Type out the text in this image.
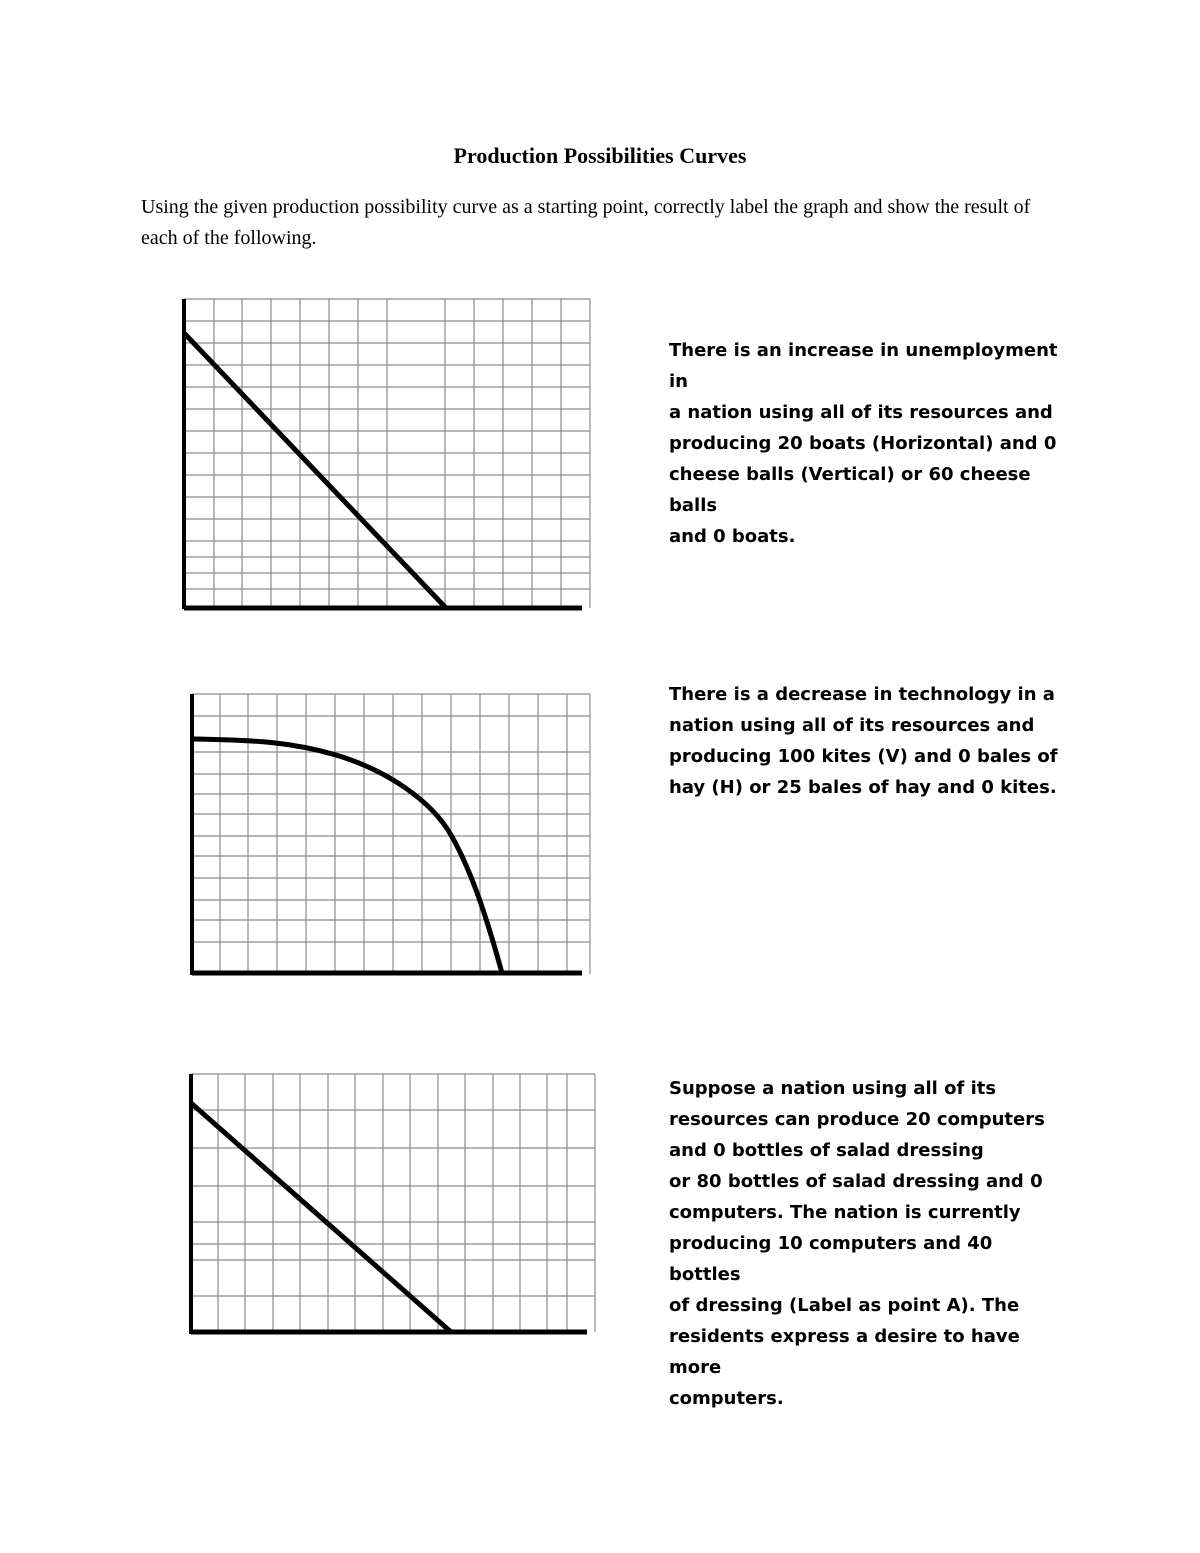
Production Possibilities Curves

Using the given production possibility curve as a starting point, correctly label the graph and show the result of each of the following.

There is an increase in unemployment in
a nation using all of its resources and
producing 20 boats (Horizontal) and 0
cheese balls (Vertical) or 60 cheese balls
and 0 boats.

There is a decrease in technology in a
nation using all of its resources and
producing 100 kites (V) and 0 bales of
hay (H) or 25 bales of hay and 0 kites.

Suppose a nation using all of its
resources can produce 20 computers
and 0 bottles of salad dressing
or 80 bottles of salad dressing and 0
computers. The nation is currently
producing 10 computers and 40 bottles
of dressing (Label as point A). The
residents express a desire to have more
computers.
